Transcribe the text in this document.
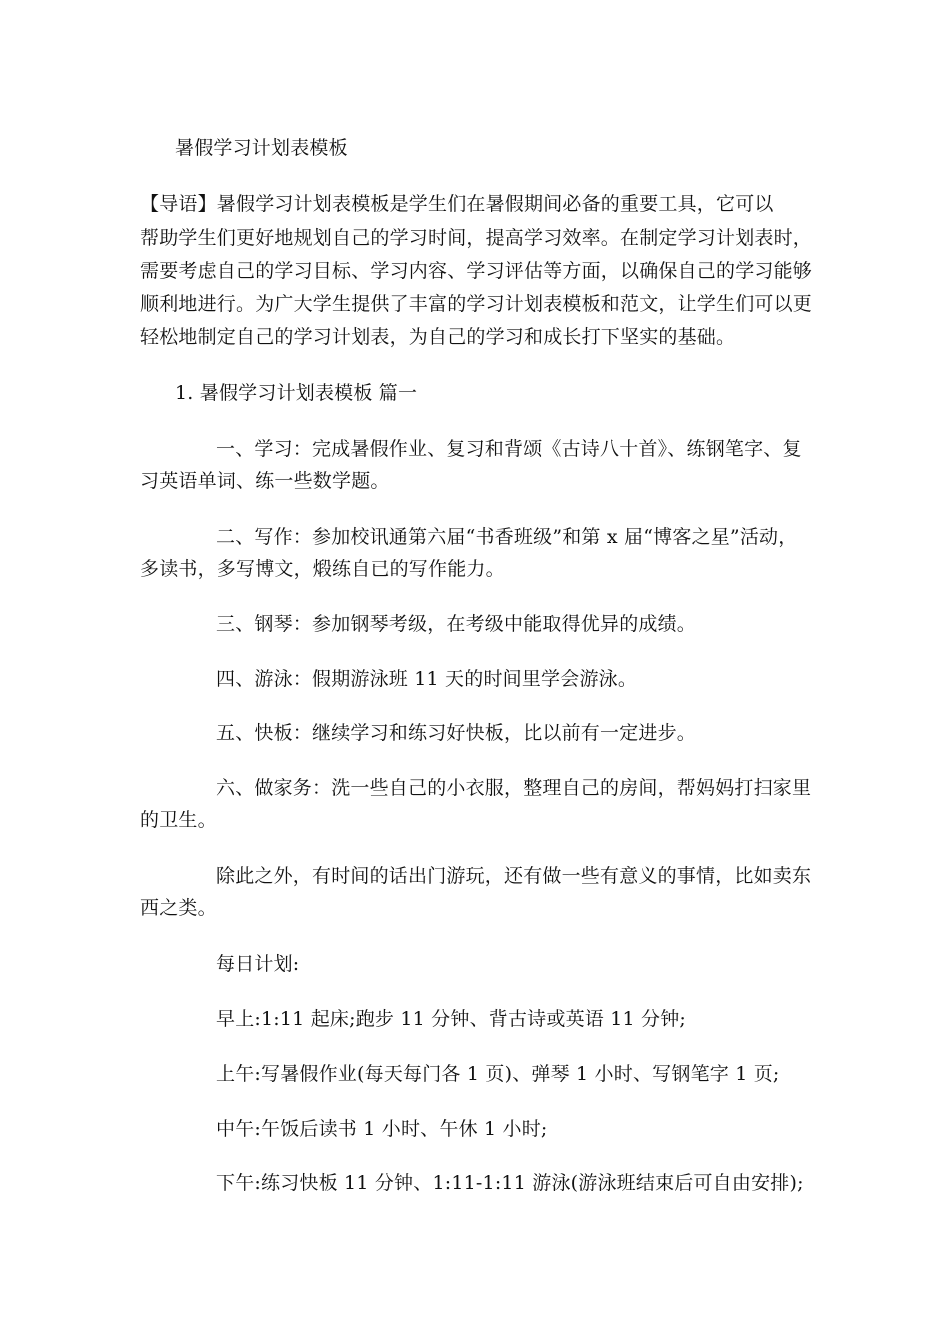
暑假学习计划表模板
【导语】暑假学习计划表模板是学生们在暑假期间必备的重要工具，它可以
帮助学生们更好地规划自己的学习时间，提高学习效率。在制定学习计划表时，
需要考虑自己的学习目标、学习内容、学习评估等方面，以确保自己的学习能够
顺利地进行。为广大学生提供了丰富的学习计划表模板和范文，让学生们可以更
轻松地制定自己的学习计划表，为自己的学习和成长打下坚实的基础。
1. 暑假学习计划表模板 篇一
一、学习：完成暑假作业、复习和背颂《古诗八十首》、练钢笔字、复
习英语单词、练一些数学题。
二、写作：参加校讯通第六届“书香班级”和第 x 届“博客之星”活动，
多读书，多写博文，煅练自已的写作能力。
三、钢琴：参加钢琴考级，在考级中能取得优异的成绩。
四、游泳：假期游泳班 11 天的时间里学会游泳。
五、快板：继续学习和练习好快板，比以前有一定进步。
六、做家务：洗一些自己的小衣服，整理自己的房间，帮妈妈打扫家里
的卫生。
除此之外，有时间的话出门游玩，还有做一些有意义的事情，比如卖东
西之类。
每日计划:
早上:1:11 起床;跑步 11 分钟、背古诗或英语 11 分钟;
上午:写暑假作业(每天每门各 1 页)、弹琴 1 小时、写钢笔字 1 页;
中午:午饭后读书 1 小时、午休 1 小时;
下午:练习快板 11 分钟、1:11-1:11 游泳(游泳班结束后可自由安排);
